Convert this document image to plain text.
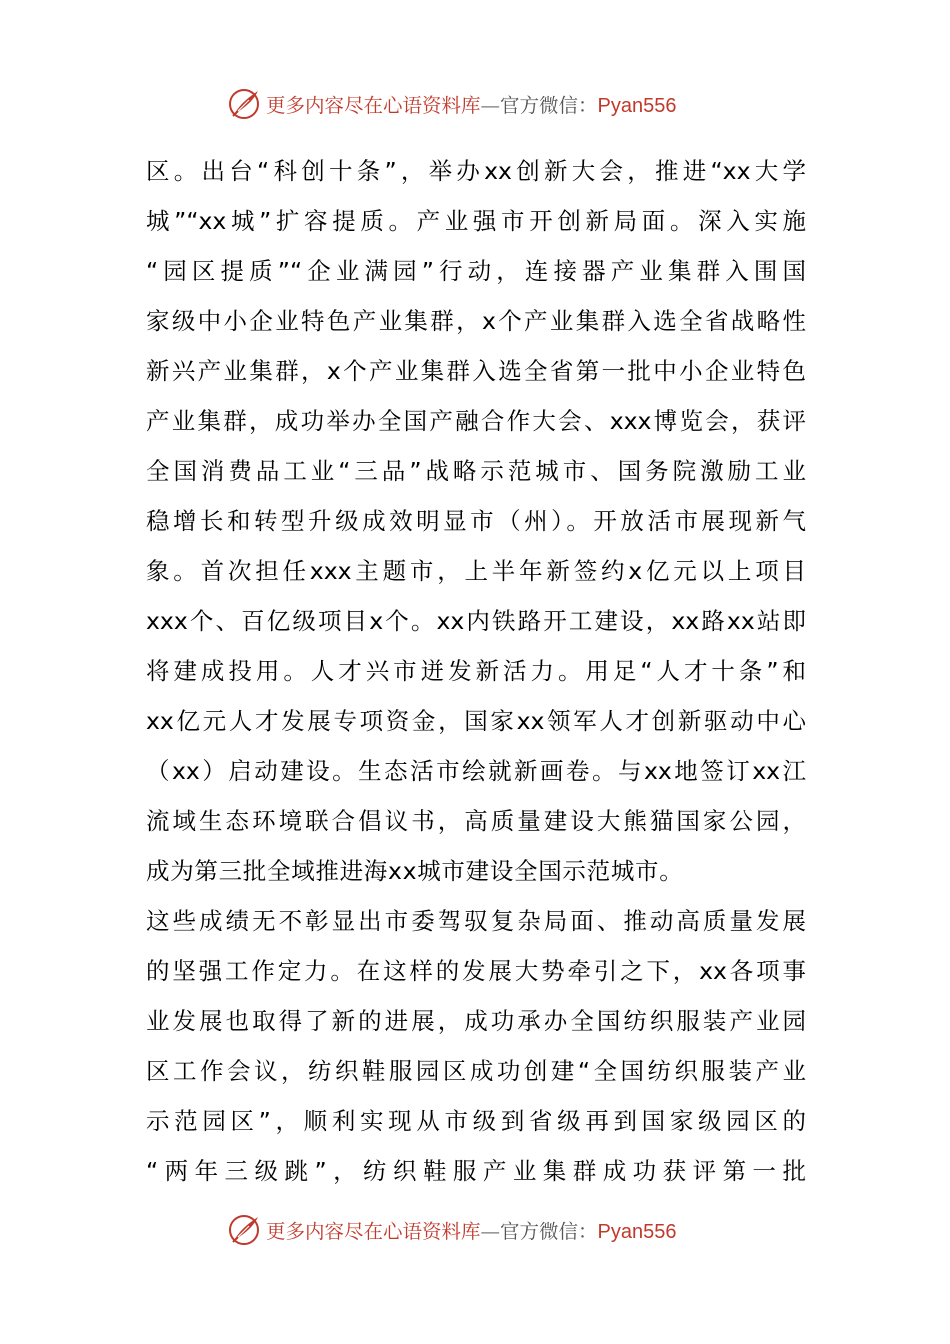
更多内容尽在心语资料库—官方微信：Pyan556
区。出台“科创十条”，举办xx创新大会，推进“xx大学
城”“xx城”扩容提质。产业强市开创新局面。深入实施
“园区提质”“企业满园”行动，连接器产业集群入围国
家级中小企业特色产业集群，x个产业集群入选全省战略性
新兴产业集群，x个产业集群入选全省第一批中小企业特色
产业集群，成功举办全国产融合作大会、xxx博览会，获评
全国消费品工业“三品”战略示范城市、国务院激励工业
稳增长和转型升级成效明显市（州）。开放活市展现新气
象。首次担任xxx主题市，上半年新签约x亿元以上项目
xxx个、百亿级项目x个。xx内铁路开工建设，xx路xx站即
将建成投用。人才兴市迸发新活力。用足“人才十条”和
xx亿元人才发展专项资金，国家xx领军人才创新驱动中心
（xx）启动建设。生态活市绘就新画卷。与xx地签订xx江
流域生态环境联合倡议书，高质量建设大熊猫国家公园，
成为第三批全域推进海xx城市建设全国示范城市。
这些成绩无不彰显出市委驾驭复杂局面、推动高质量发展
的坚强工作定力。在这样的发展大势牵引之下，xx各项事
业发展也取得了新的进展，成功承办全国纺织服装产业园
区工作会议，纺织鞋服园区成功创建“全国纺织服装产业
示范园区”，顺利实现从市级到省级再到国家级园区的
“两年三级跳”，纺织鞋服产业集群成功获评第一批
更多内容尽在心语资料库—官方微信：Pyan556
